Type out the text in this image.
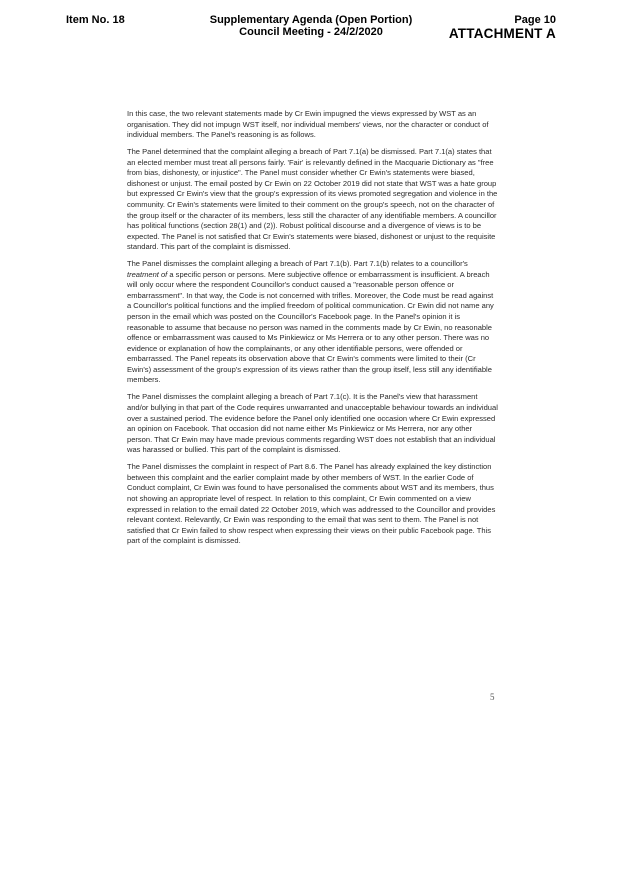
Item No. 18	Supplementary Agenda (Open Portion)
Council Meeting - 24/2/2020
Page 10
ATTACHMENT A

In this case, the two relevant statements made by Cr Ewin impugned the views expressed by WST as an organisation. They did not impugn WST itself, nor individual members' views, nor the character or conduct of individual members. The Panel's reasoning is as follows.

The Panel determined that the complaint alleging a breach of Part 7.1(a) be dismissed. Part 7.1(a) states that an elected member must treat all persons fairly. 'Fair' is relevantly defined in the Macquarie Dictionary as "free from bias, dishonesty, or injustice". The Panel must consider whether Cr Ewin's statements were biased, dishonest or unjust. The email posted by Cr Ewin on 22 October 2019 did not state that WST was a hate group but expressed Cr Ewin's view that the group's expression of its views promoted segregation and violence in the community. Cr Ewin's statements were limited to their comment on the group's speech, not on the character of the group itself or the character of its members, less still the character of any identifiable members. A councillor has political functions (section 28(1) and (2)). Robust political discourse and a divergence of views is to be expected. The Panel is not satisfied that Cr Ewin's statements were biased, dishonest or unjust to the requisite standard. This part of the complaint is dismissed.

The Panel dismisses the complaint alleging a breach of Part 7.1(b). Part 7.1(b) relates to a councillor's treatment of a specific person or persons. Mere subjective offence or embarrassment is insufficient. A breach will only occur where the respondent Councillor's conduct caused a "reasonable person offence or embarrassment". In that way, the Code is not concerned with trifles. Moreover, the Code must be read against a Councillor's political functions and the implied freedom of political communication. Cr Ewin did not name any person in the email which was posted on the Councillor's Facebook page. In the Panel's opinion it is reasonable to assume that because no person was named in the comments made by Cr Ewin, no reasonable offence or embarrassment was caused to Ms Pinkiewicz or Ms Herrera or to any other person. There was no evidence or explanation of how the complainants, or any other identifiable persons, were offended or embarrassed. The Panel repeats its observation above that Cr Ewin's comments were limited to their (Cr Ewin's) assessment of the group's expression of its views rather than the group itself, less still any identifiable members.

The Panel dismisses the complaint alleging a breach of Part 7.1(c). It is the Panel's view that harassment and/or bullying in that part of the Code requires unwarranted and unacceptable behaviour towards an individual over a sustained period. The evidence before the Panel only identified one occasion where Cr Ewin expressed an opinion on Facebook. That occasion did not name either Ms Pinkiewicz or Ms Herrera, nor any other person. That Cr Ewin may have made previous comments regarding WST does not establish that an individual was harassed or bullied. This part of the complaint is dismissed.

The Panel dismisses the complaint in respect of Part 8.6. The Panel has already explained the key distinction between this complaint and the earlier complaint made by other members of WST. In the earlier Code of Conduct complaint, Cr Ewin was found to have personalised the comments about WST and its members, thus not showing an appropriate level of respect. In relation to this complaint, Cr Ewin commented on a view expressed in relation to the email dated 22 October 2019, which was addressed to the Councillor and provides relevant context. Relevantly, Cr Ewin was responding to the email that was sent to them. The Panel is not satisfied that Cr Ewin failed to show respect when expressing their views on their public Facebook page. This part of the complaint is dismissed.

5
